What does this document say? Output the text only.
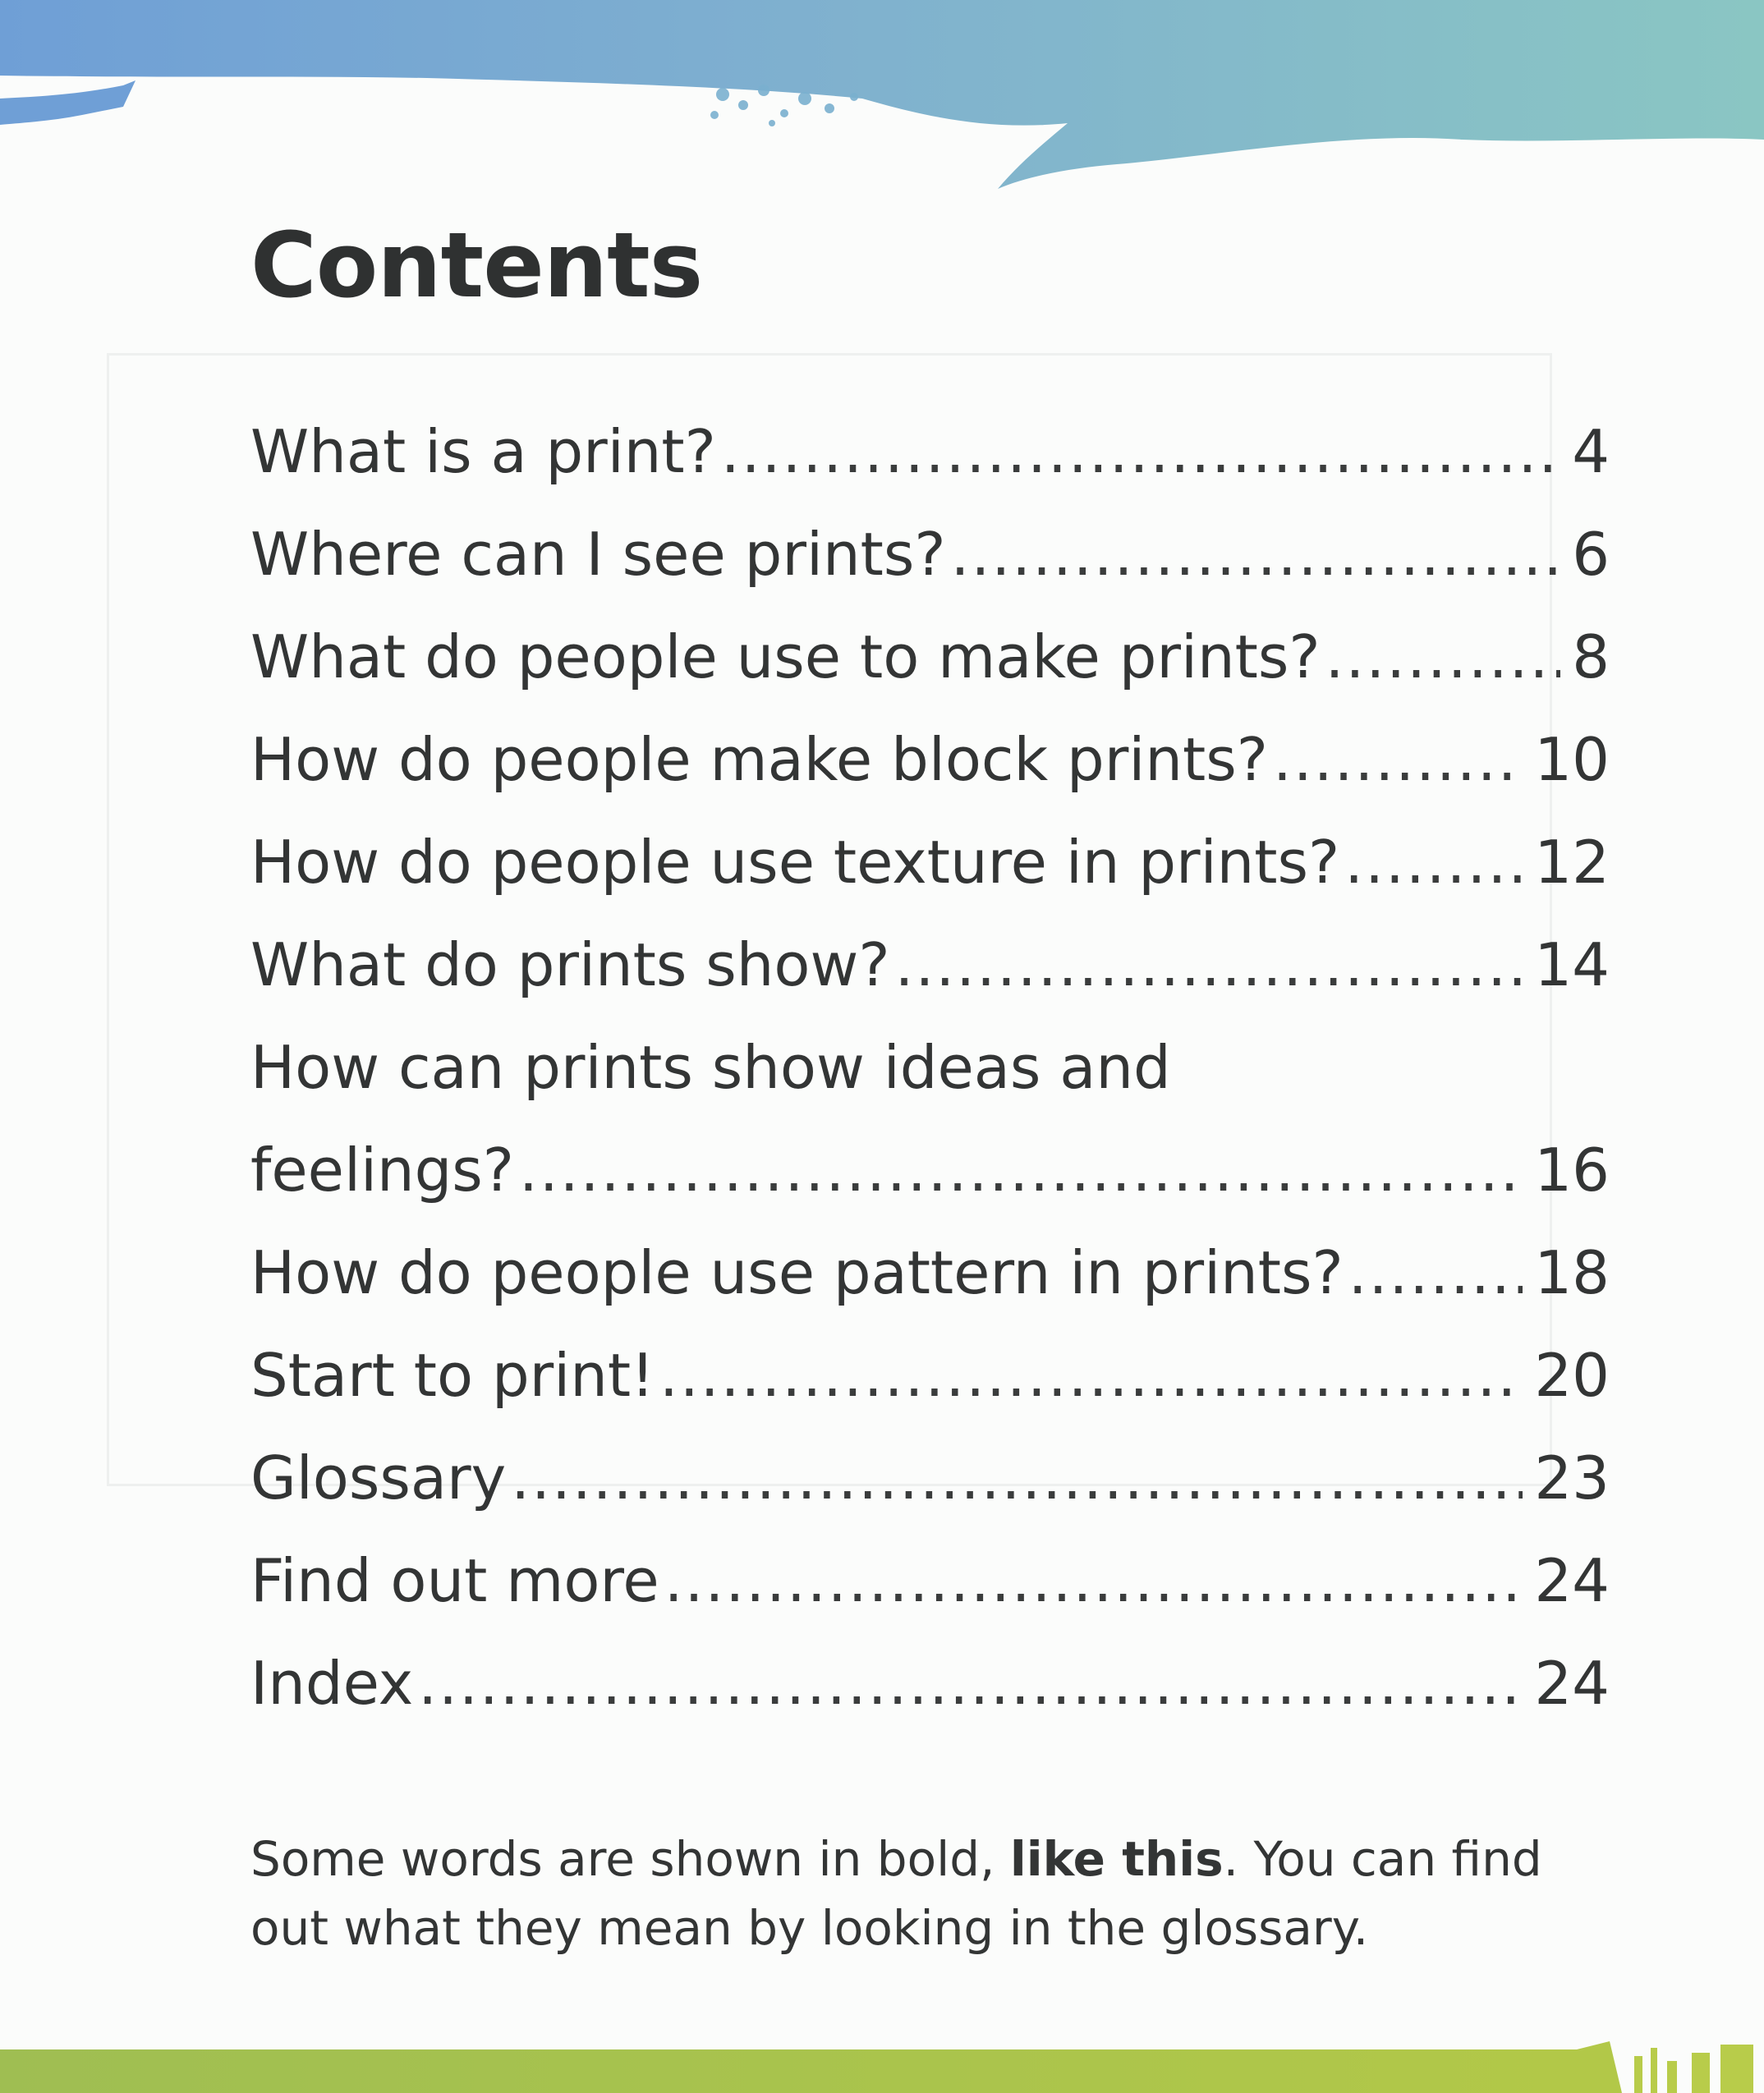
Contents
What is a print? .....	4
Where can I see prints? .....	6
What do people use to make prints? .....	8
How do people make block prints? .....	10
How do people use texture in prints? .....	12
What do prints show? .....	14
How can prints show ideas and
feelings? .....	16
How do people use pattern in prints? .....	18
Start to print! .....	20
Glossary .....	23
Find out more .....	24
Index .....	24

Some words are shown in bold, like this. You can find out what they mean by looking in the glossary.
